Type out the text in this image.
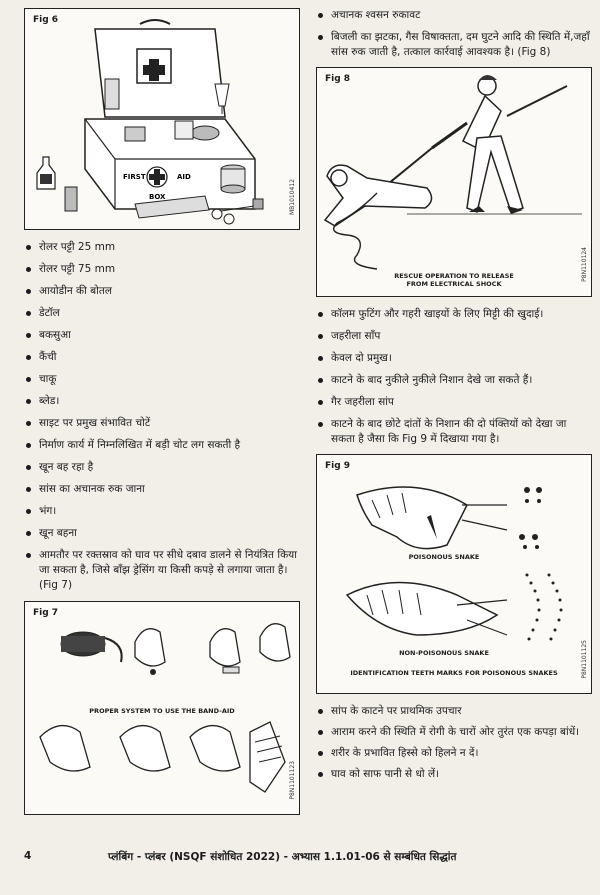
Fig 6
FIRST	AID
BOX	MB1010412
रोलर पट्टी 25 mm
रोलर पट्टी 75 mm
आयोडीन की बोतल
डेटॉल
बकसुआ
कैंची
चाकू
ब्लेड।
साइट पर प्रमुख संभावित चोटें
निर्माण कार्य में निम्नलिखित में बड़ी चोट लग सकती है
खून बह रहा है
सांस का अचानक रुक जाना
भंग।
खून बहना
आमतौर पर रक्तस्राव को घाव पर सीधे दबाव डालने से नियंत्रित किया जा सकता है, जिसे बाँझ ड्रेसिंग या किसी कपड़े से लगाया जाता है। (Fig 7)
Fig 7
PROPER SYSTEM TO USE THE BAND-AID
P8N1101123
अचानक श्वसन रुकावट
बिजली का झटका, गैस विषाक्तता, दम घुटने आदि की स्थिति में,जहाँ सांस रुक जाती है, तत्काल कार्रवाई आवश्यक है। (Fig 8)
Fig 8
RESCUE OPERATION TO RELEASE
FROM ELECTRICAL SHOCK
P8N110124
कॉलम फुटिंग और गहरी खाइयों के लिए मिट्टी की खुदाई।
जहरीला साँप
केवल दो प्रमुख।
काटने के बाद नुकीले नुकीले निशान देखे जा सकते हैं।
गैर जहरीला सांप
काटने के बाद छोटे दांतों के निशान की दो पंक्तियों को देखा जा सकता है जैसा कि Fig 9 में दिखाया गया है।
Fig 9
POISONOUS SNAKE
NON-POISONOUS SNAKE
IDENTIFICATION TEETH MARKS FOR POISONOUS SNAKES	P8N1101125
सांप के काटने पर प्राथमिक उपचार
आराम करने की स्थिति में रोगी के चारों ओर तुरंत एक कपड़ा बांधें।
शरीर के प्रभावित हिस्से को हिलने न दें।
घाव को साफ पानी से धो लें।
4	प्लंबिंग - प्लंबर (NSQF संशोधित 2022) - अभ्यास 1.1.01-06 से सम्बंधित सिद्धांत
